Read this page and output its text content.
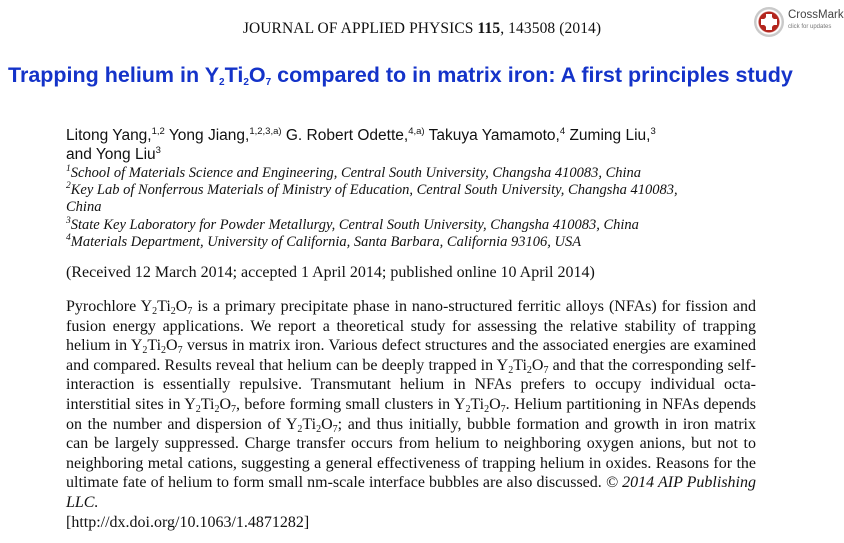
JOURNAL OF APPLIED PHYSICS 115, 143508 (2014)
CrossMark
click for updates
Trapping helium in $Y_2Ti_2O_7$ compared to in matrix iron: A first principles study

Litong Yang,$^{1,2}$ Yong Jiang,$^{1,2,3,a)}$ G. Robert Odette,$^{4,a)}$ Takuya Yamamoto,$^4$ Zuming Liu,$^3$
and Yong Liu$^3$

$^1$School of Materials Science and Engineering, Central South University, Changsha 410083, China

$^2$Key Lab of Nonferrous Materials of Ministry of Education, Central South University, Changsha 410083, China

$^3$State Key Laboratory for Powder Metallurgy, Central South University, Changsha 410083, China

$^4$Materials Department, University of California, Santa Barbara, California 93106, USA

(Received 12 March 2014; accepted 1 April 2014; published online 10 April 2014)

Pyrochlore $Y_2Ti_2O_7$ is a primary precipitate phase in nano-structured ferritic alloys (NFAs) for fission and fusion energy applications. We report a theoretical study for assessing the relative stability of trapping helium in $Y_2Ti_2O_7$ versus in matrix iron. Various defect structures and the associated energies are examined and compared. Results reveal that helium can be deeply trapped in $Y_2Ti_2O_7$ and that the corresponding self-interaction is essentially repulsive. Transmutant helium in NFAs prefers to occupy individual octa-interstitial sites in $Y_2Ti_2O_7$, before forming small clusters in $Y_2Ti_2O_7$. Helium partitioning in NFAs depends on the number and dispersion of $Y_2Ti_2O_7$; and thus initially, bubble formation and growth in iron matrix can be largely suppressed. Charge transfer occurs from helium to neighboring oxygen anions, but not to neighboring metal cations, suggesting a general effectiveness of trapping helium in oxides. Reasons for the ultimate fate of helium to form small nm-scale interface bubbles are also discussed. © 2014 AIP Publishing LLC.
[http://dx.doi.org/10.1063/1.4871282]
